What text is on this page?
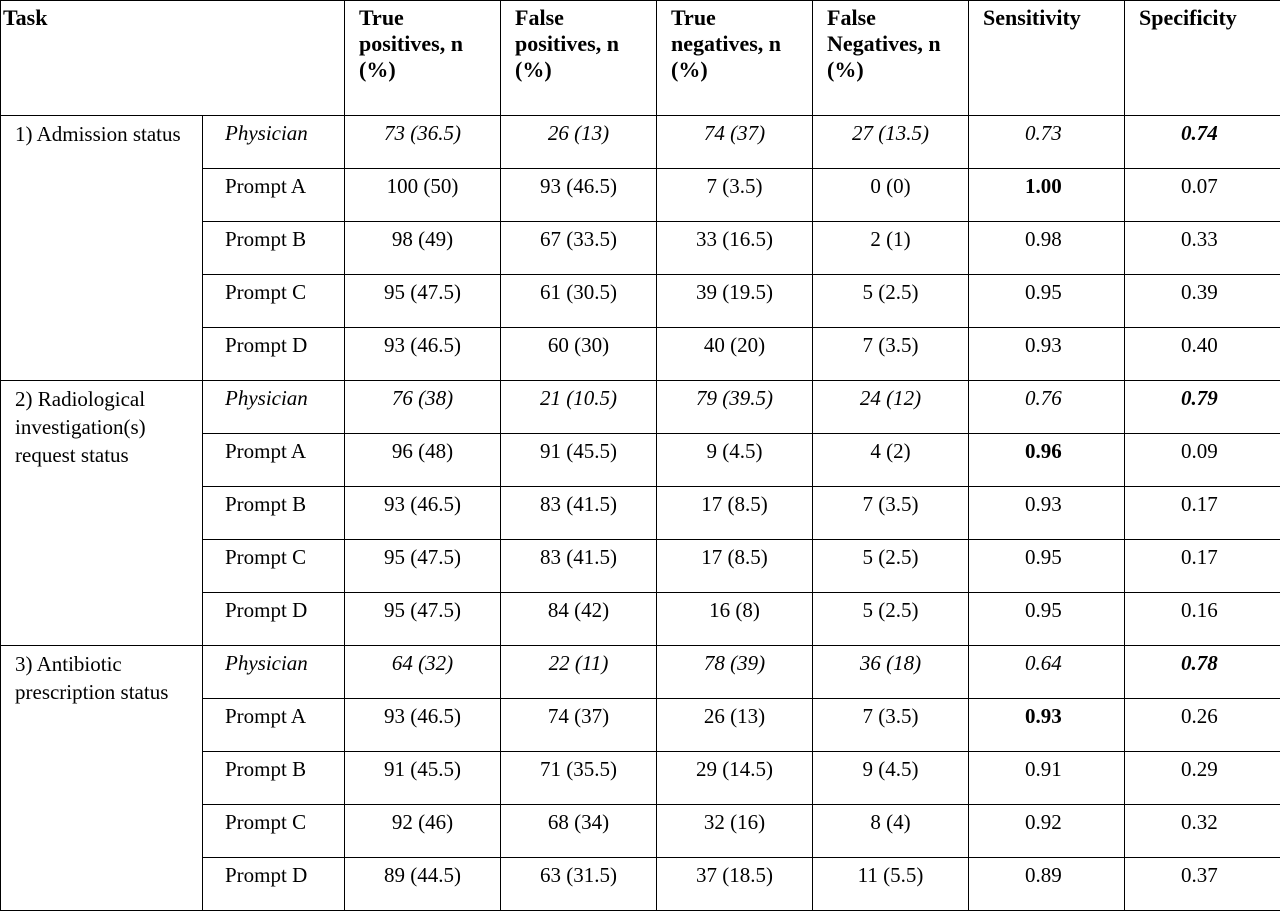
Task		True positives, n (%)	False positives, n (%)	True negatives, n (%)	False Negatives, n (%)	Sensitivity	Specificity
1) Admission status	Physician	73 (36.5)	26 (13)	74 (37)	27 (13.5)	0.73	0.74
	Prompt A	100 (50)	93 (46.5)	7 (3.5)	0 (0)	1.00	0.07
	Prompt B	98 (49)	67 (33.5)	33 (16.5)	2 (1)	0.98	0.33
	Prompt C	95 (47.5)	61 (30.5)	39 (19.5)	5 (2.5)	0.95	0.39
	Prompt D	93 (46.5)	60 (30)	40 (20)	7 (3.5)	0.93	0.40
2) Radiological investigation(s) request status	Physician	76 (38)	21 (10.5)	79 (39.5)	24 (12)	0.76	0.79
	Prompt A	96 (48)	91 (45.5)	9 (4.5)	4 (2)	0.96	0.09
	Prompt B	93 (46.5)	83 (41.5)	17 (8.5)	7 (3.5)	0.93	0.17
	Prompt C	95 (47.5)	83 (41.5)	17 (8.5)	5 (2.5)	0.95	0.17
	Prompt D	95 (47.5)	84 (42)	16 (8)	5 (2.5)	0.95	0.16
3) Antibiotic prescription status	Physician	64 (32)	22 (11)	78 (39)	36 (18)	0.64	0.78
	Prompt A	93 (46.5)	74 (37)	26 (13)	7 (3.5)	0.93	0.26
	Prompt B	91 (45.5)	71 (35.5)	29 (14.5)	9 (4.5)	0.91	0.29
	Prompt C	92 (46)	68 (34)	32 (16)	8 (4)	0.92	0.32
	Prompt D	89 (44.5)	63 (31.5)	37 (18.5)	11 (5.5)	0.89	0.37
